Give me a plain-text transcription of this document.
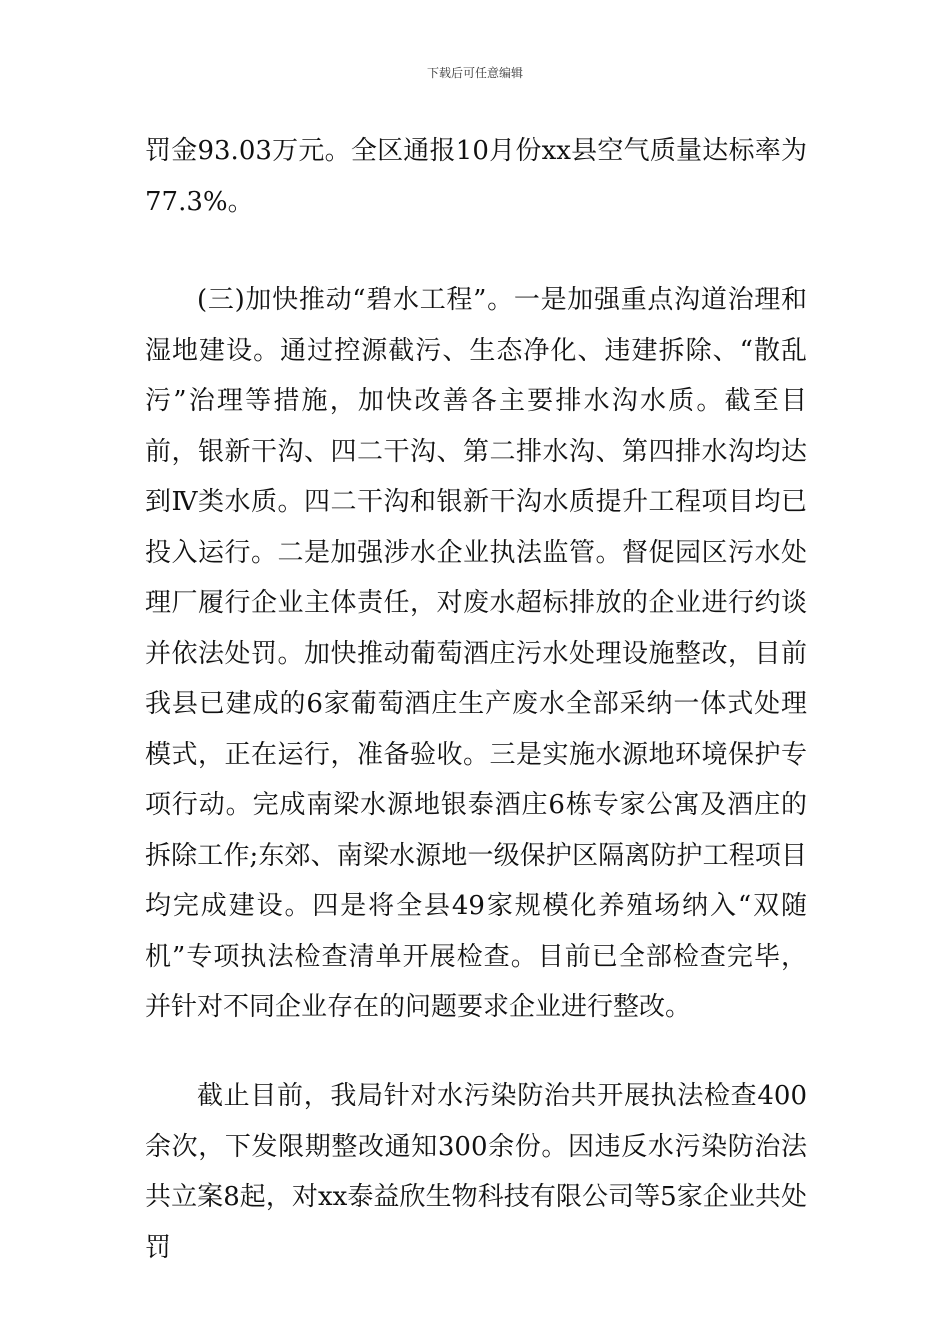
下载后可任意编辑

罚金93.03万元。全区通报10月份xx县空气质量达标率为77.3%。

(三)加快推动“碧水工程”。一是加强重点沟道治理和湿地建设。通过控源截污、生态净化、违建拆除、“散乱污”治理等措施，加快改善各主要排水沟水质。截至目前，银新干沟、四二干沟、第二排水沟、第四排水沟均达到Ⅳ类水质。四二干沟和银新干沟水质提升工程项目均已投入运行。二是加强涉水企业执法监管。督促园区污水处理厂履行企业主体责任，对废水超标排放的企业进行约谈并依法处罚。加快推动葡萄酒庄污水处理设施整改，目前我县已建成的6家葡萄酒庄生产废水全部采纳一体式处理模式，正在运行，准备验收。三是实施水源地环境保护专项行动。完成南梁水源地银泰酒庄6栋专家公寓及酒庄的拆除工作;东郊、南梁水源地一级保护区隔离防护工程项目均完成建设。四是将全县49家规模化养殖场纳入“双随机”专项执法检查清单开展检查。目前已全部检查完毕，并针对不同企业存在的问题要求企业进行整改。

截止目前，我局针对水污染防治共开展执法检查400余次，下发限期整改通知300余份。因违反水污染防治法共立案8起，对xx泰益欣生物科技有限公司等5家企业共处罚
